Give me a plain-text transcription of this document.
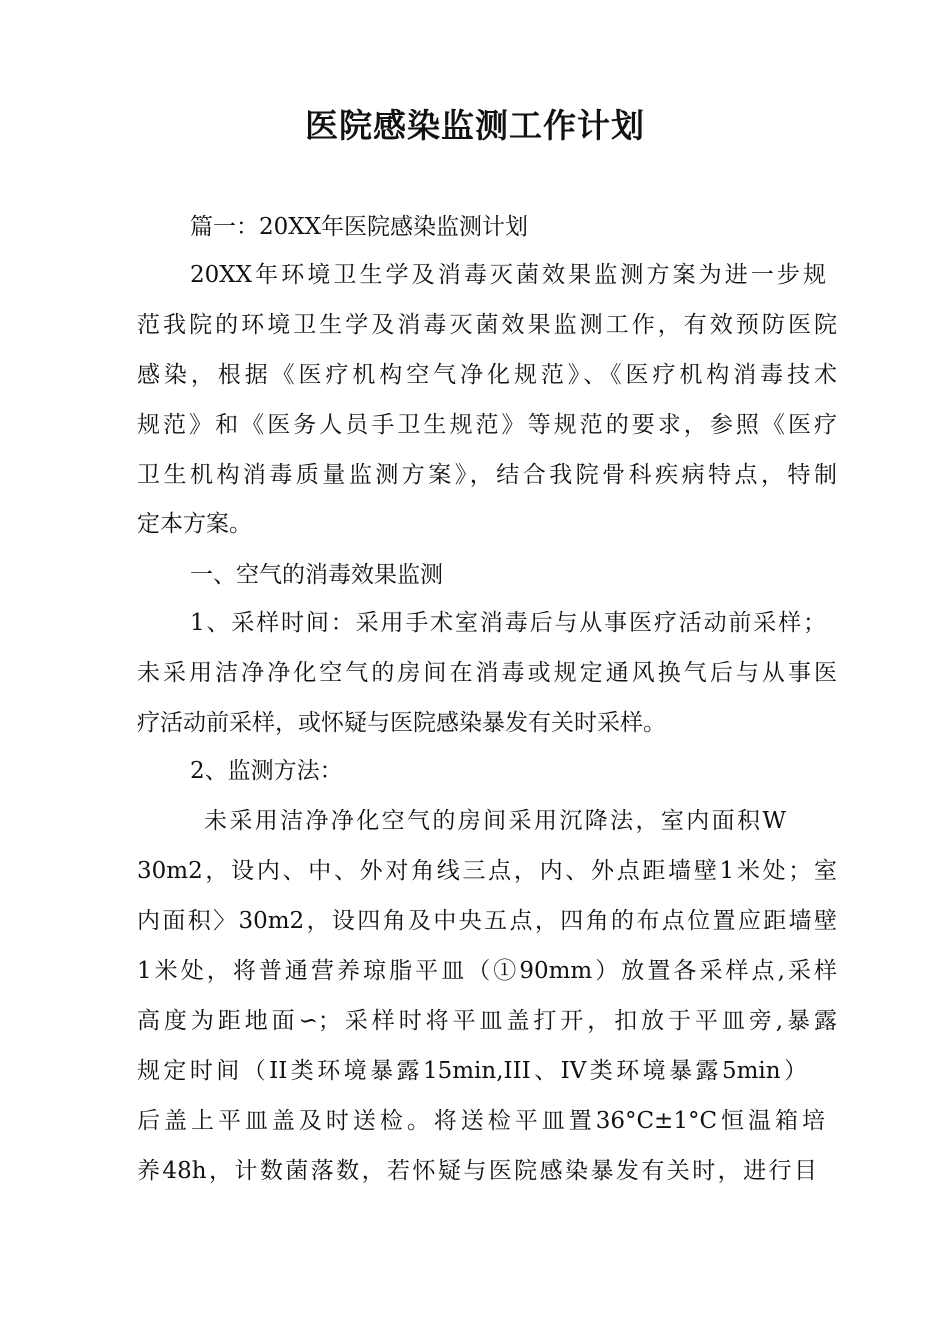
医院感染监测工作计划
篇一：20XX年医院感染监测计划
20XX年环境卫生学及消毒灭菌效果监测方案为进一步规
范我院的环境卫生学及消毒灭菌效果监测工作，有效预防医院
感染，根据《医疗机构空气净化规范》、《医疗机构消毒技术
规范》和《医务人员手卫生规范》等规范的要求，参照《医疗
卫生机构消毒质量监测方案》，结合我院骨科疾病特点，特制
定本方案。
一、空气的消毒效果监测
1、采样时间：采用手术室消毒后与从事医疗活动前采样；
未采用洁净净化空气的房间在消毒或规定通风换气后与从事医
疗活动前采样，或怀疑与医院感染暴发有关时采样。
2、监测方法：
未采用洁净净化空气的房间采用沉降法，室内面积W
30m2，设内、中、外对角线三点，内、外点距墙壁1米处；室
内面积〉30m2，设四角及中央五点，四角的布点位置应距墙壁
1米处，将普通营养琼脂平皿（①90mm）放置各采样点,采样
高度为距地面∽；采样时将平皿盖打开，扣放于平皿旁,暴露
规定时间（II类环境暴露15min,III、IV类环境暴露5min）
后盖上平皿盖及时送检。将送检平皿置36°C±1°C恒温箱培
养48h，计数菌落数，若怀疑与医院感染暴发有关时，进行目
